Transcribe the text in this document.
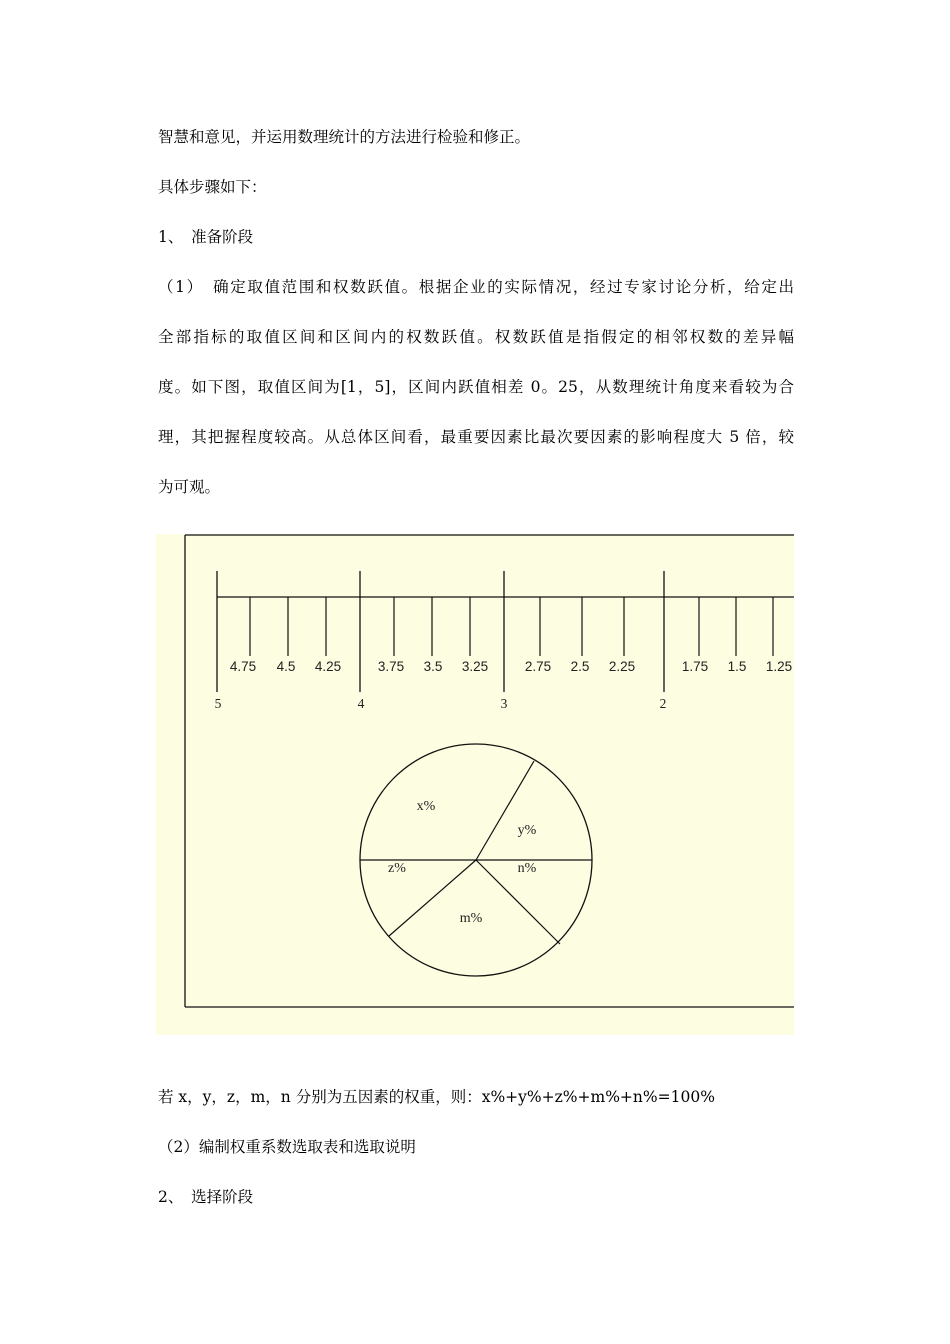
智慧和意见，并运用数理统计的方法进行检验和修正。
具体步骤如下：
1、　准备阶段
（1）　确定取值范围和权数跃值。根据企业的实际情况，经过专家讨论分析，给定出
全部指标的取值区间和区间内的权数跃值。权数跃值是指假定的相邻权数的差异幅
度。如下图，取值区间为[1，5]，区间内跃值相差 0。25，从数理统计角度来看较为合
理，其把握程度较高。从总体区间看，最重要因素比最次要因素的影响程度大 5 倍，较
为可观。
4.75 4.5 4.25	3.75 3.5 3.25	2.75 2.5 2.25	1.75 1.5 1.25
5	4	3	2
x%
y%
z%	n%
m%
若 x，y，z，m，n 分别为五因素的权重，则：x%+y%+z%+m%+n%=100%
（2）编制权重系数选取表和选取说明
2、　选择阶段
